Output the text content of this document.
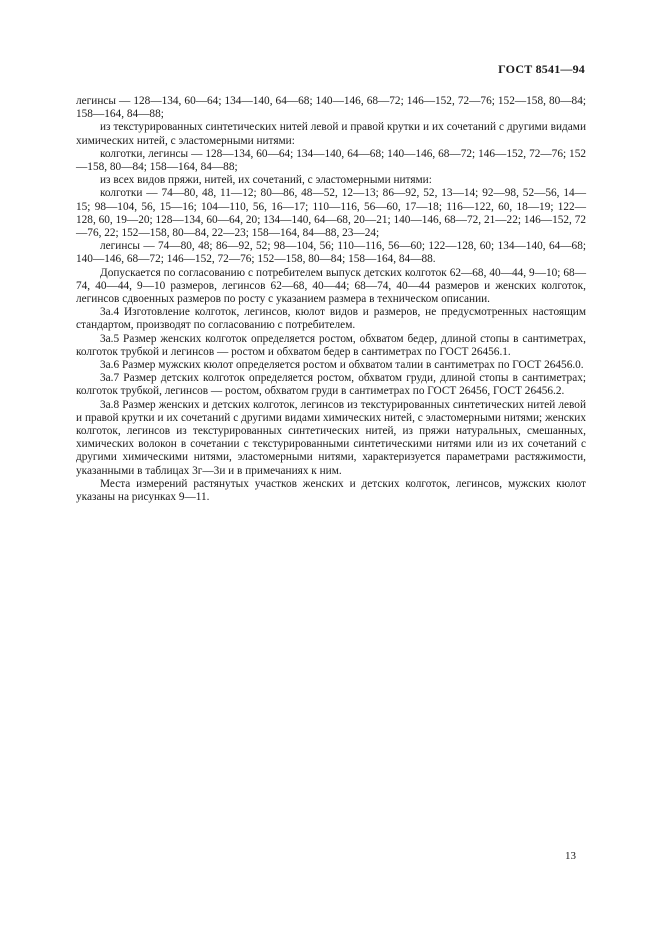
ГОСТ 8541—94

легинсы — 128—134, 60—64; 134—140, 64—68; 140—146, 68—72; 146—152, 72—76; 152—158, 80—84; 158—164, 84—88;

из текстурированных синтетических нитей левой и правой крутки и их сочетаний с другими видами химических нитей, с эластомерными нитями:

колготки, легинсы — 128—134, 60—64; 134—140, 64—68; 140—146, 68—72; 146—152, 72—76; 152—158, 80—84; 158—164, 84—88;

из всех видов пряжи, нитей, их сочетаний, с эластомерными нитями:

колготки — 74—80, 48, 11—12; 80—86, 48—52, 12—13; 86—92, 52, 13—14; 92—98, 52—56, 14—15; 98—104, 56, 15—16; 104—110, 56, 16—17; 110—116, 56—60, 17—18; 116—122, 60, 18—19; 122—128, 60, 19—20; 128—134, 60—64, 20; 134—140, 64—68, 20—21; 140—146, 68—72, 21—22; 146—152, 72—76, 22; 152—158, 80—84, 22—23; 158—164, 84—88, 23—24;

легинсы — 74—80, 48; 86—92, 52; 98—104, 56; 110—116, 56—60; 122—128, 60; 134—140, 64—68; 140—146, 68—72; 146—152, 72—76; 152—158, 80—84; 158—164, 84—88.

Допускается по согласованию с потребителем выпуск детских колготок 62—68, 40—44, 9—10; 68—74, 40—44, 9—10 размеров, легинсов 62—68, 40—44; 68—74, 40—44 размеров и женских колготок, легинсов сдвоенных размеров по росту с указанием размера в техническом описании.

3а.4 Изготовление колготок, легинсов, кюлот видов и размеров, не предусмотренных настоящим стандартом, производят по согласованию с потребителем.

3а.5 Размер женских колготок определяется ростом, обхватом бедер, длиной стопы в сантиметрах, колготок трубкой и легинсов — ростом и обхватом бедер в сантиметрах по ГОСТ 26456.1.

3а.6 Размер мужских кюлот определяется ростом и обхватом талии в сантиметрах по ГОСТ 26456.0.

3а.7 Размер детских колготок определяется ростом, обхватом груди, длиной стопы в сантиметрах; колготок трубкой, легинсов — ростом, обхватом груди в сантиметрах по ГОСТ 26456, ГОСТ 26456.2.

3а.8 Размер женских и детских колготок, легинсов из текстурированных синтетических нитей левой и правой крутки и их сочетаний с другими видами химических нитей, с эластомерными нитями; женских колготок, легинсов из текстурированных синтетических нитей, из пряжи натуральных, смешанных, химических волокон в сочетании с текстурированными синтетическими нитями или из их сочетаний с другими химическими нитями, эластомерными нитями, характеризуется параметрами растяжимости, указанными в таблицах 3г—3и и в примечаниях к ним.

Места измерений растянутых участков женских и детских колготок, легинсов, мужских кюлот указаны на рисунках 9—11.

13
